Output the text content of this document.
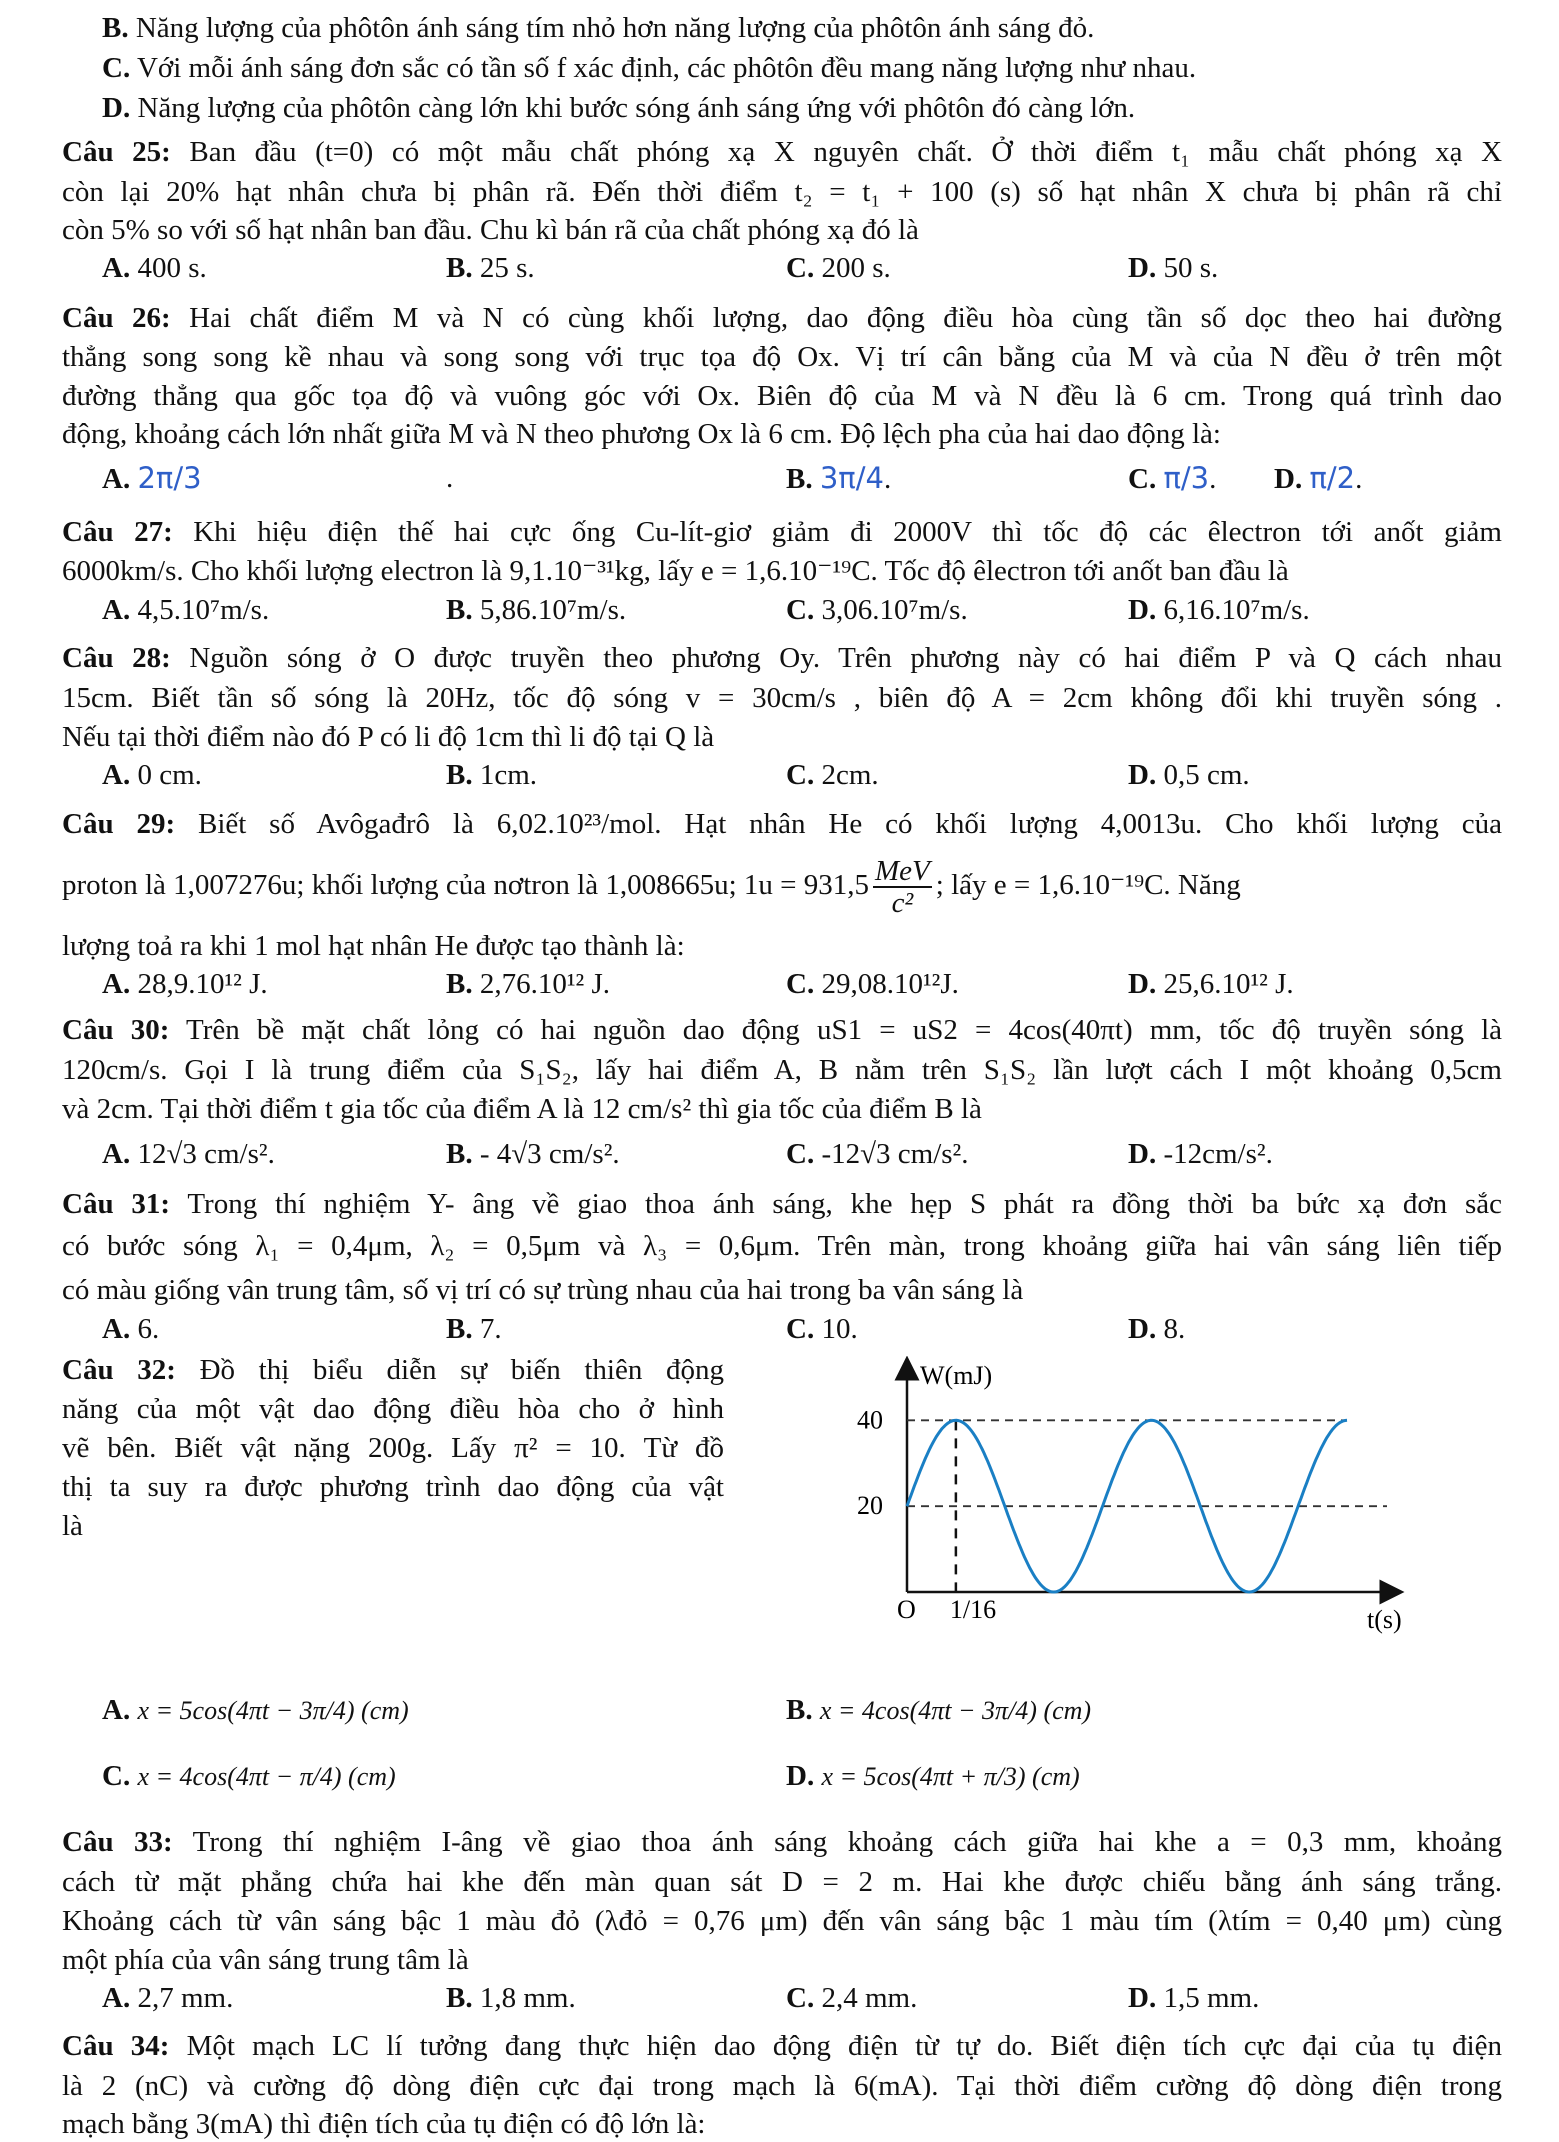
B. Năng lượng của phôtôn ánh sáng tím nhỏ hơn năng lượng của phôtôn ánh sáng đỏ.
C. Với mỗi ánh sáng đơn sắc có tần số f xác định, các phôtôn đều mang năng lượng như nhau.
D. Năng lượng của phôtôn càng lớn khi bước sóng ánh sáng ứng với phôtôn đó càng lớn.
Câu 25: Ban đầu (t=0) có một mẫu chất phóng xạ X nguyên chất. Ở thời điểm t₁ mẫu chất phóng xạ X
còn lại 20% hạt nhân chưa bị phân rã. Đến thời điểm t₂ = t₁ + 100 (s) số hạt nhân X chưa bị phân rã chỉ
còn 5% so với số hạt nhân ban đầu. Chu kì bán rã của chất phóng xạ đó là
A. 400 s.	B. 25 s.	C. 200 s.	D. 50 s.
Câu 26: Hai chất điểm M và N có cùng khối lượng, dao động điều hòa cùng tần số dọc theo hai đường
thẳng song song kề nhau và song song với trục tọa độ Ox. Vị trí cân bằng của M và của N đều ở trên một
đường thẳng qua gốc tọa độ và vuông góc với Ox. Biên độ của M và N đều là 6 cm. Trong quá trình dao
động, khoảng cách lớn nhất giữa M và N theo phương Ox là 6 cm. Độ lệch pha của hai dao động là:
A. 2π/3	.	B. 3π/4.	C. π/3. D. π/2.
Câu 27: Khi hiệu điện thế hai cực ống Cu-lít-giơ giảm đi 2000V thì tốc độ các êlectron tới anốt giảm
6000km/s. Cho khối lượng electron là 9,1.10⁻³¹kg, lấy e = 1,6.10⁻¹⁹C. Tốc độ êlectron tới anốt ban đầu là
A. 4,5.10⁷m/s.	B. 5,86.10⁷m/s.	C. 3,06.10⁷m/s.	D. 6,16.10⁷m/s.
Câu 28: Nguồn sóng ở O được truyền theo phương Oy. Trên phương này có hai điểm P và Q cách nhau
15cm. Biết tần số sóng là 20Hz, tốc độ sóng v = 30cm/s , biên độ A = 2cm không đổi khi truyền sóng .
Nếu tại thời điểm nào đó P có li độ 1cm thì li độ tại Q là
A. 0 cm.	B. 1cm.	C. 2cm.	D. 0,5 cm.
Câu 29: Biết số Avôgađrô là 6,02.10²³/mol. Hạt nhân He có khối lượng 4,0013u. Cho khối lượng của
proton là 1,007276u; khối lượng của nơtron là 1,008665u; $1u = 931,5 \frac{\text{MeV}}{\text{c²}}$ ; lấy e = 1,6.10⁻¹⁹C. Năng
lượng toả ra khi 1 mol hạt nhân He được tạo thành là:
A. 28,9.10¹² J.	B. 2,76.10¹² J.	C. 29,08.10¹²J.	D. 25,6.10¹² J.
Câu 30: Trên bề mặt chất lỏng có hai nguồn dao động uS1 = uS2 = 4cos(40πt) mm, tốc độ truyền sóng là
120cm/s. Gọi I là trung điểm của S₁S₂, lấy hai điểm A, B nằm trên S₁S₂ lần lượt cách I một khoảng 0,5cm
và 2cm. Tại thời điểm t gia tốc của điểm A là 12 cm/s² thì gia tốc của điểm B là
A. 12√3 cm/s².	B. - 4√3 cm/s².	C. -12√3 cm/s².	D. -12cm/s².
Câu 31: Trong thí nghiệm Y- âng về giao thoa ánh sáng, khe hẹp S phát ra đồng thời ba bức xạ đơn sắc
có bước sóng λ₁ = 0,4μm, λ₂ = 0,5μm và λ₃ = 0,6μm. Trên màn, trong khoảng giữa hai vân sáng liên tiếp
có màu giống vân trung tâm, số vị trí có sự trùng nhau của hai trong ba vân sáng là
A. 6.	B. 7.	C. 10.	D. 8.
Câu 32: Đồ thị biểu diễn sự biến thiên động
năng của một vật dao động điều hòa cho ở hình
vẽ bên. Biết vật nặng 200g. Lấy π² = 10. Từ đồ
thị ta suy ra được phương trình dao động của vật
là
W(mJ)
O	t(s)
40
20
1/16
A. x = 5cos(4πt − 3π/4) (cm)	B. x = 4cos(4πt − 3π/4) (cm)
C. x = 4cos(4πt − π/4) (cm)	D. x = 5cos(4πt + π/3) (cm)
Câu 33: Trong thí nghiệm I-âng về giao thoa ánh sáng khoảng cách giữa hai khe a = 0,3 mm, khoảng
cách từ mặt phẳng chứa hai khe đến màn quan sát D = 2 m. Hai khe được chiếu bằng ánh sáng trắng.
Khoảng cách từ vân sáng bậc 1 màu đỏ (λđỏ = 0,76 μm) đến vân sáng bậc 1 màu tím (λtím = 0,40 μm) cùng
một phía của vân sáng trung tâm là
A. 2,7 mm.	B. 1,8 mm.	C. 2,4 mm.	D. 1,5 mm.
Câu 34: Một mạch LC lí tưởng đang thực hiện dao động điện từ tự do. Biết điện tích cực đại của tụ điện
là 2 (nC) và cường độ dòng điện cực đại trong mạch là 6(mA). Tại thời điểm cường độ dòng điện trong
mạch bằng 3(mA) thì điện tích của tụ điện có độ lớn là:
